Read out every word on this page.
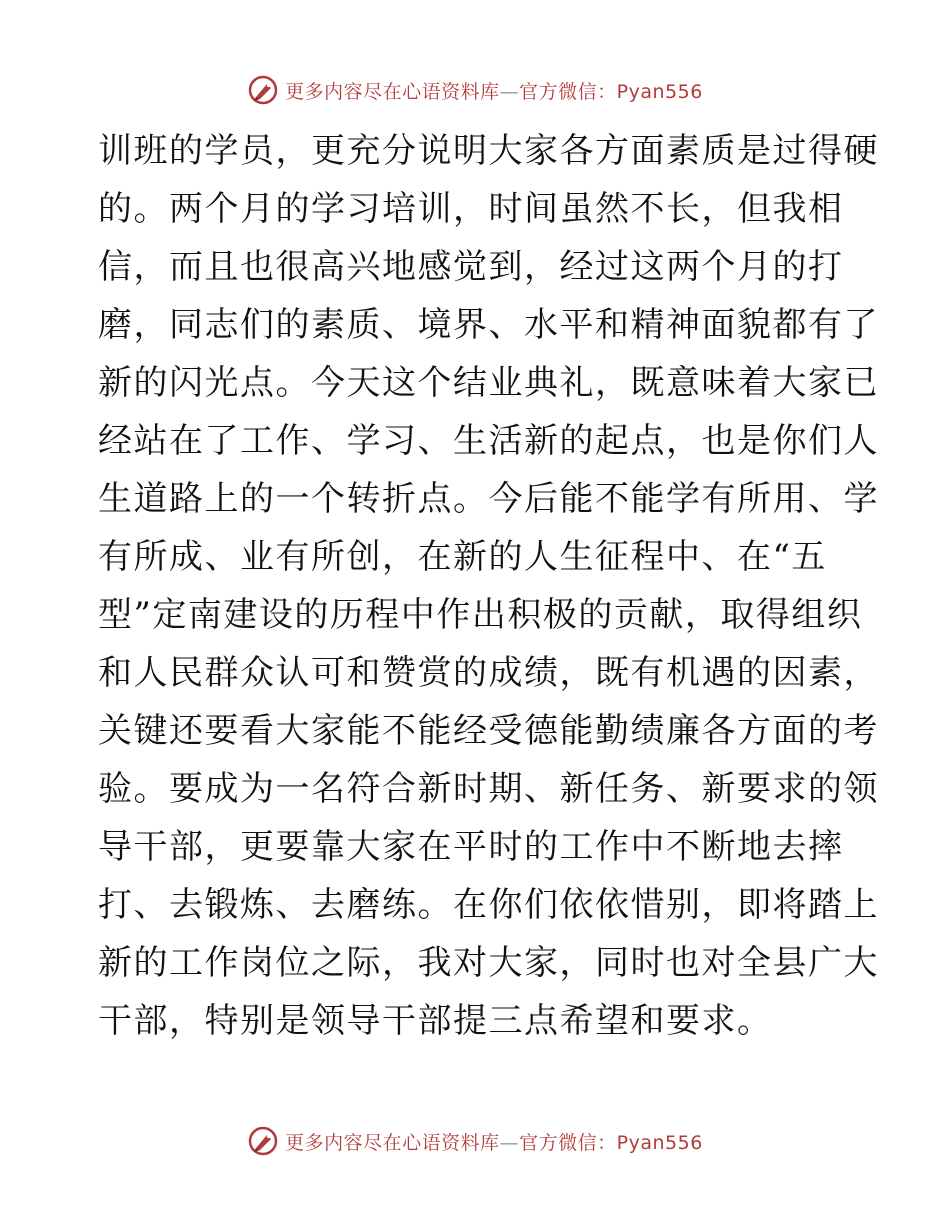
更多内容尽在心语资料库—官方微信：Pyan556
训班的学员，更充分说明大家各方面素质是过得硬
的。两个月的学习培训，时间虽然不长，但我相
信，而且也很高兴地感觉到，经过这两个月的打
磨，同志们的素质、境界、水平和精神面貌都有了
新的闪光点。今天这个结业典礼，既意味着大家已
经站在了工作、学习、生活新的起点，也是你们人
生道路上的一个转折点。今后能不能学有所用、学
有所成、业有所创，在新的人生征程中、在“五
型”定南建设的历程中作出积极的贡献，取得组织
和人民群众认可和赞赏的成绩，既有机遇的因素，
关键还要看大家能不能经受德能勤绩廉各方面的考
验。要成为一名符合新时期、新任务、新要求的领
导干部，更要靠大家在平时的工作中不断地去摔
打、去锻炼、去磨练。在你们依依惜别，即将踏上
新的工作岗位之际，我对大家，同时也对全县广大
干部，特别是领导干部提三点希望和要求。
更多内容尽在心语资料库—官方微信：Pyan556
